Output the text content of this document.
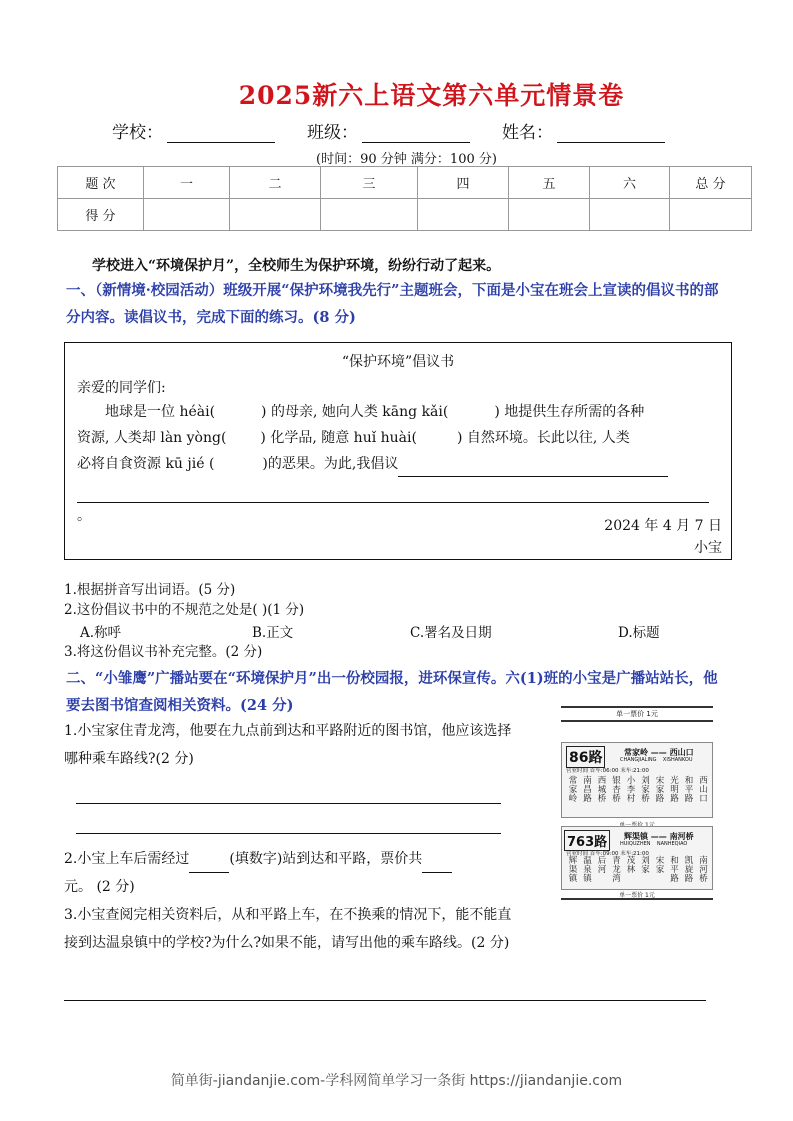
2025新六上语文第六单元情景卷
学校：	班级：	姓名：
(时间：90 分钟 满分：100 分)
题 次	一	二	三	四	五	六	总 分
得 分							
学校进入“环境保护月”，全校师生为保护环境，纷纷行动了起来。
一、（新情境·校园活动）班级开展“保护环境我先行”主题班会，下面是小宝在班会上宣读的倡议书的部分内容。读倡议书，完成下面的练习。(8 分)
“保护环境”倡议书
亲爱的同学们:
地球是一位 héài(	) 的母亲, 她向人类 kāng kǎi(	) 地提供生存所需的各种
资源, 人类却 làn yòng( ) 化学品, 随意 huǐ huài(	) 自然环境。长此以往, 人类
必将自食资源 kū jié (	)的恶果。为此,我倡议
。
2024 年 4 月 7 日
小宝
1.根据拼音写出词语。(5 分)
2.这份倡议书中的不规范之处是( )(1 分)
A.称呼	B.正文	C.署名及日期	D.标题
3.将这份倡议书补充完整。(2 分)
二、“小雏鹰”广播站要在“环境保护月”出一份校园报，进环保宣传。六(1)班的小宝是广播站站长，他要去图书馆查阅相关资料。(24 分)
1.小宝家住青龙湾，他要在九点前到达和平路附近的图书馆，他应该选择哪种乘车路线?(2 分)
2.小宝上车后需经过	(填数字)站到达和平路，票价共
元。 (2 分)
3.小宝查阅完相关资料后，从和平路上车，在不换乘的情况下，能不能直接到达温泉镇中的学校?为什么?如果不能，请写出他的乘车路线。(2 分)
单一票价 1元
86路	常家岭 —— 西山口
CHANGJIALING XISHANKOU
营业时间 首车:06:00 末车:21:00
常
家
岭
南
昌
路
西
城
桥
银
杏
桥
小
李
村
刘
家
桥
宋
家
路
光
明
路
和
平
路
西
山
口
763路	辉渠镇 —— 南河桥
HUIQUZHEN NANHEQIAO
营业时间 首车:09:00 末车:21:00
辉
渠
镇
温
泉
镇
后
河
青
龙
湾
茂
林
刘
家
宋
家
和
平
路
凯
旋
路
南
河
桥
单一票价 1元
简单街-jiandanjie.com-学科网简单学习一条街 https://jiandanjie.com
